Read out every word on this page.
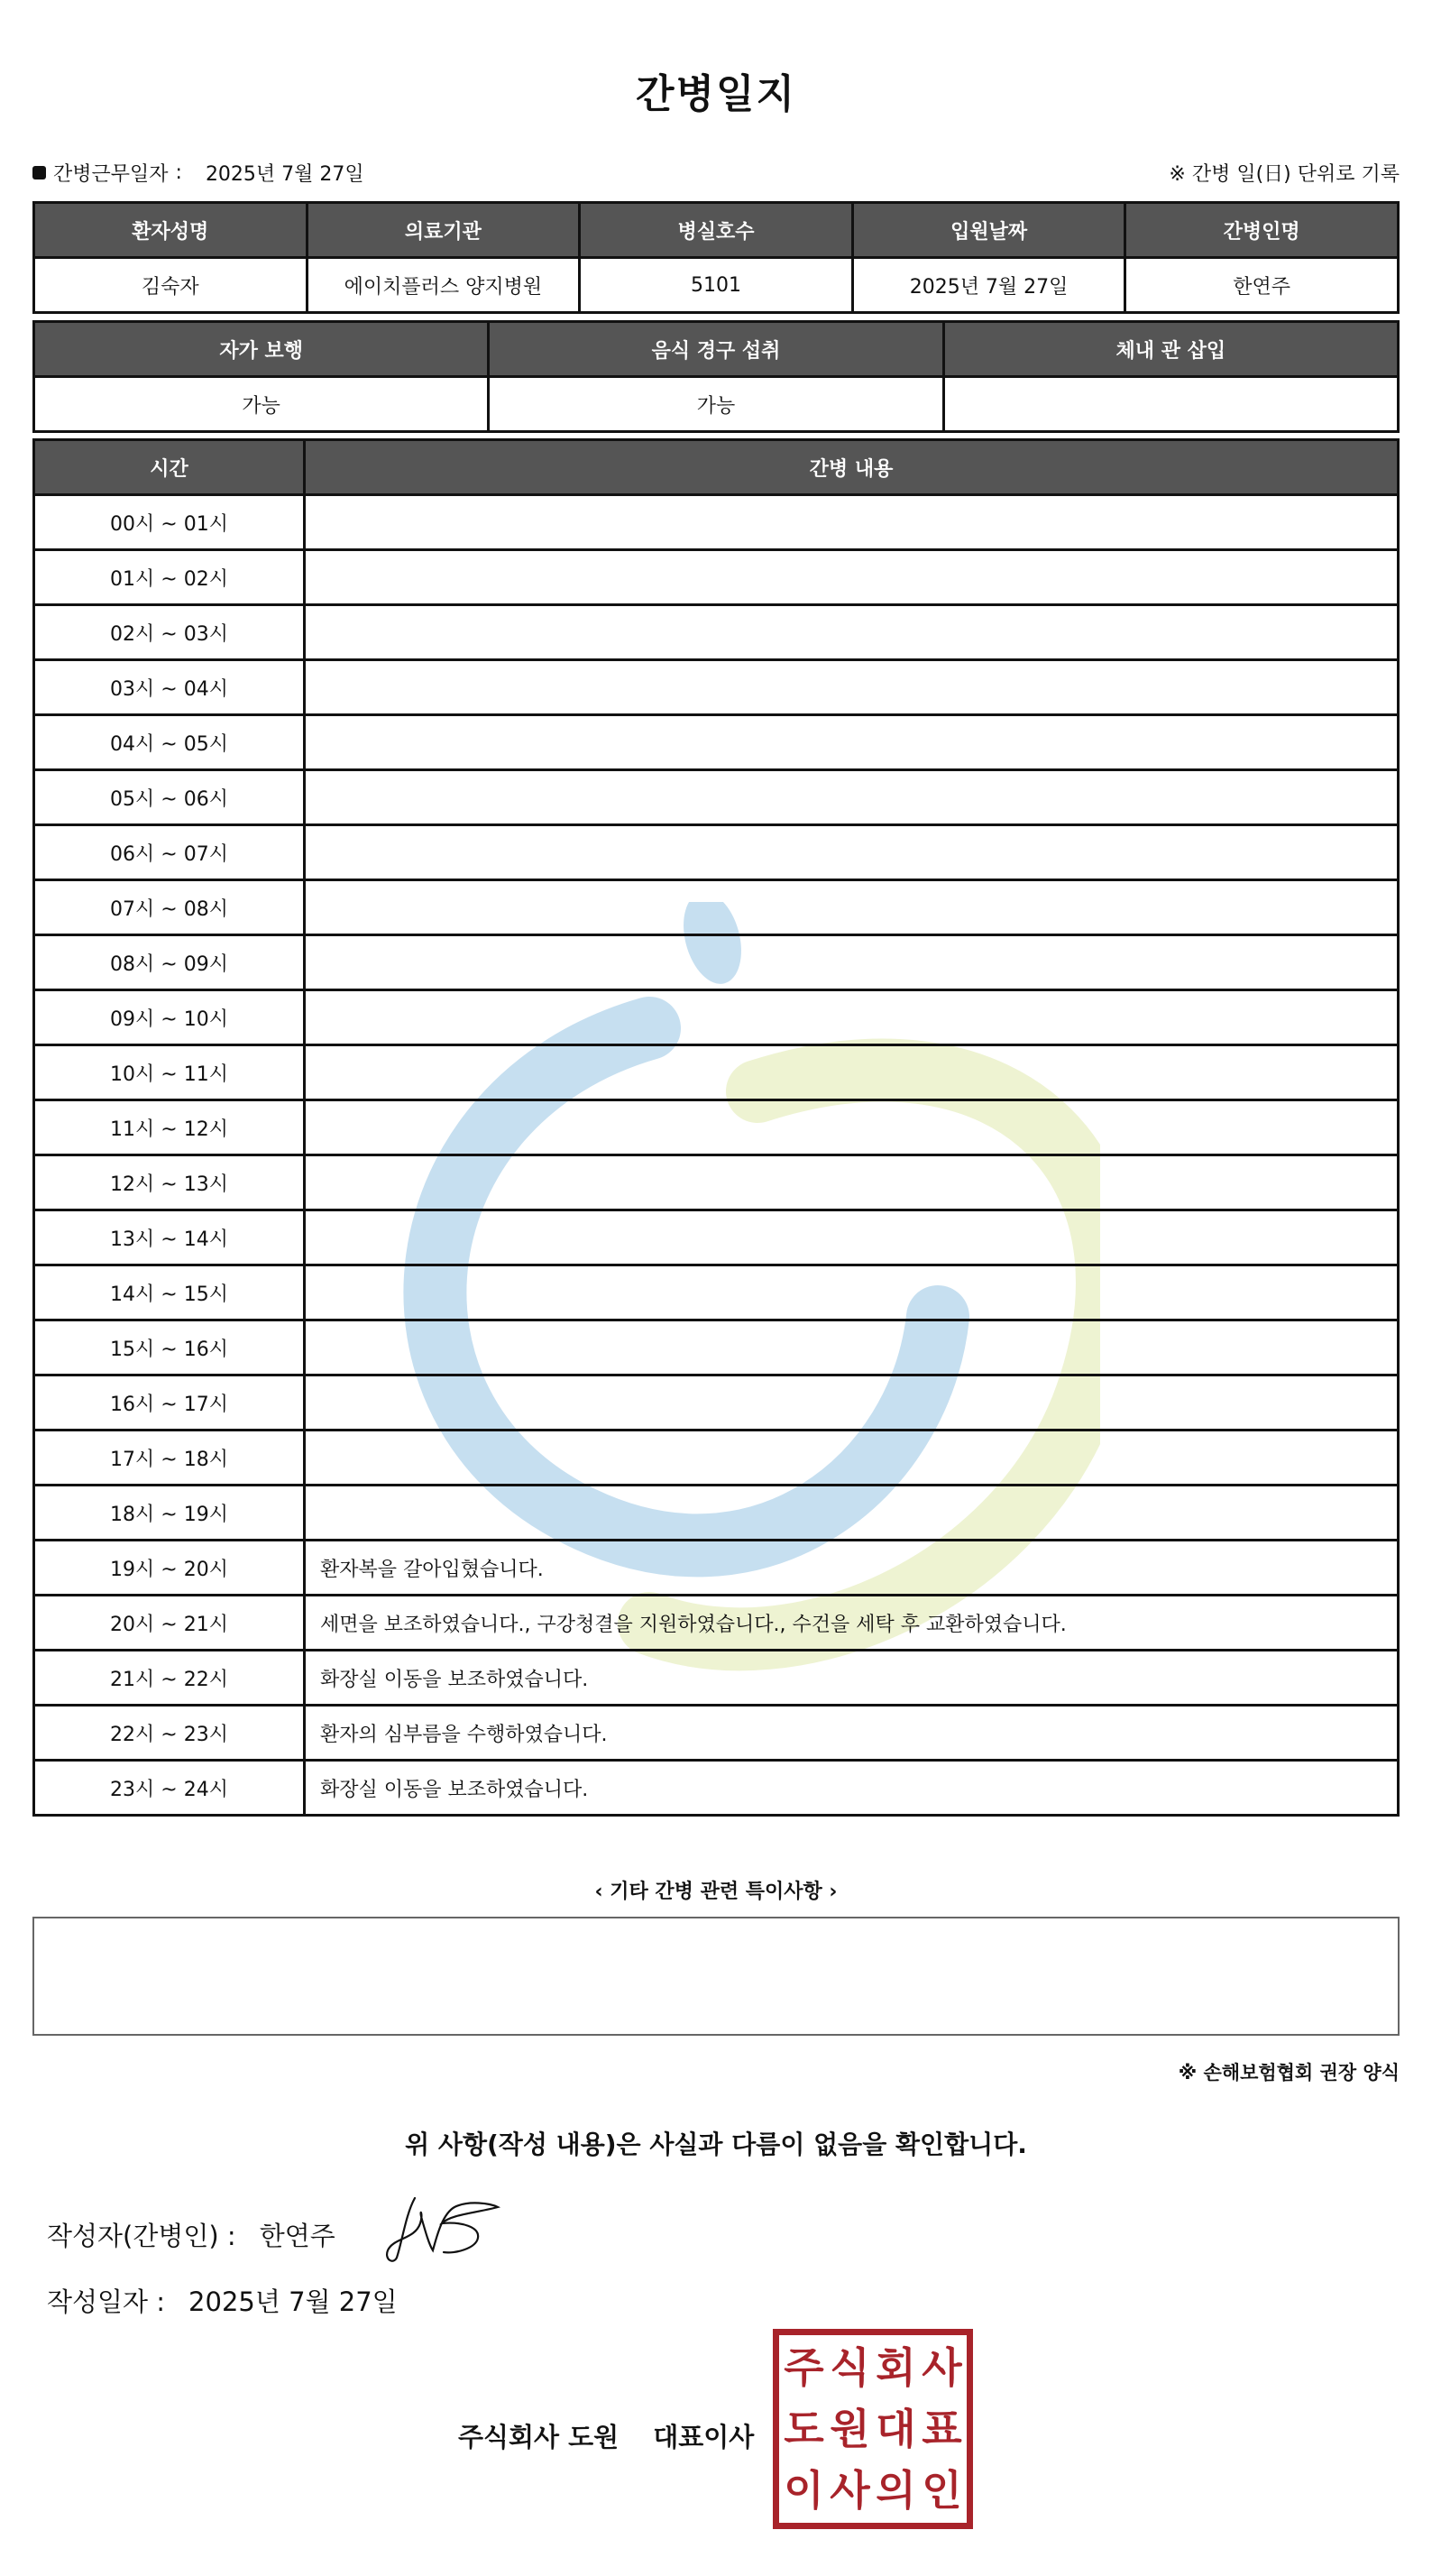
간병일지
간병근무일자 : 2025년 7월 27일	※ 간병 일(日) 단위로 기록
환자성명	의료기관	병실호수	입원날짜	간병인명
김숙자	에이치플러스 양지병원	5101	2025년 7월 27일	한연주
자가 보행	음식 경구 섭취	체내 관 삽입
가능	가능	
시간	간병 내용
00시 ~ 01시	
01시 ~ 02시	
02시 ~ 03시	
03시 ~ 04시	
04시 ~ 05시	
05시 ~ 06시	
06시 ~ 07시	
07시 ~ 08시	
08시 ~ 09시	
09시 ~ 10시	
10시 ~ 11시	
11시 ~ 12시	
12시 ~ 13시	
13시 ~ 14시	
14시 ~ 15시	
15시 ~ 16시	
16시 ~ 17시	
17시 ~ 18시	
18시 ~ 19시	
19시 ~ 20시	환자복을 갈아입혔습니다.
20시 ~ 21시	세면을 보조하였습니다., 구강청결을 지원하였습니다., 수건을 세탁 후 교환하였습니다.
21시 ~ 22시	화장실 이동을 보조하였습니다.
22시 ~ 23시	환자의 심부름을 수행하였습니다.
23시 ~ 24시	화장실 이동을 보조하였습니다.
‹ 기타 간병 관련 특이사항 ›
※ 손해보험협회 권장 양식
위 사항(작성 내용)은 사실과 다름이 없음을 확인합니다.
작성자(간병인) : 한연주
작성일자 : 2025년 7월 27일
주식회사 도원 대표이사
주 식 회 사
도 원 대 표
이 사 의 인
